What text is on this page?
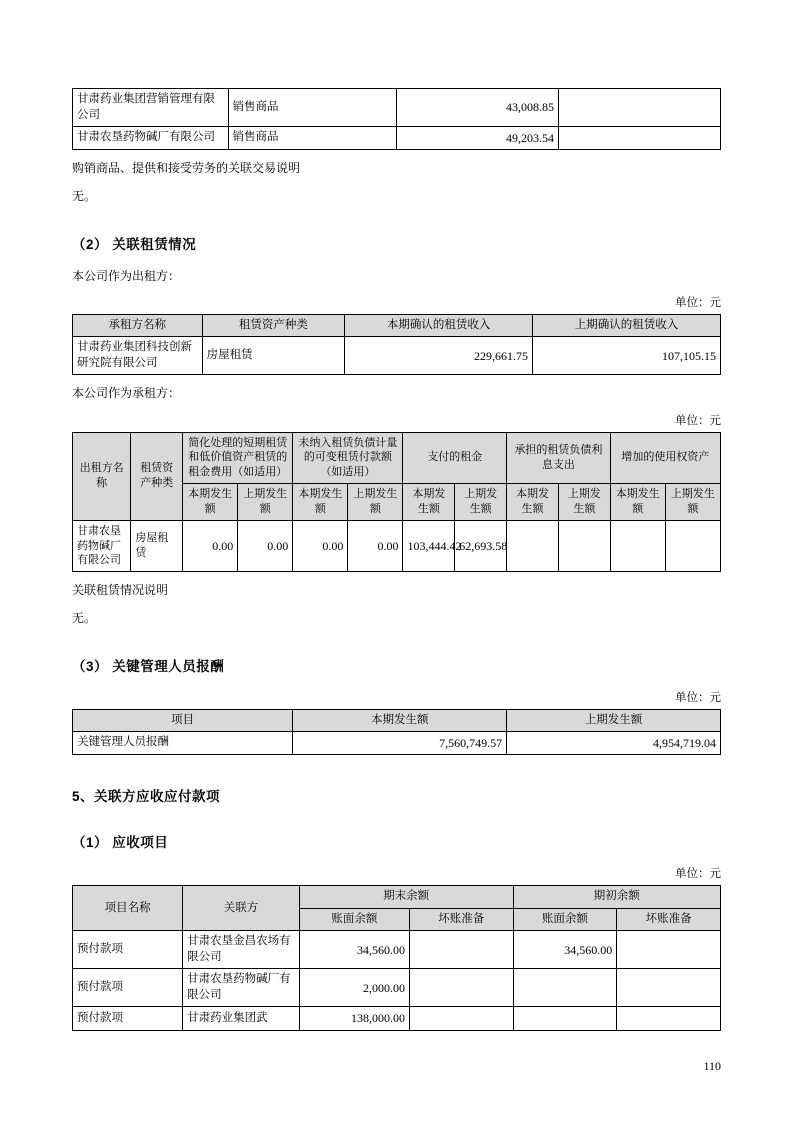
甘肃药业集团营销管理有限公司	销售商品	43,008.85	
甘肃农垦药物碱厂有限公司	销售商品	49,203.54	

购销商品、提供和接受劳务的关联交易说明

无。

（2） 关联租赁情况

本公司作为出租方：

单位：元
承租方名称	租赁资产种类	本期确认的租赁收入	上期确认的租赁收入
甘肃药业集团科技创新研究院有限公司	房屋租赁	229,661.75	107,105.15

本公司作为承租方：

单位：元
出租方名称	租赁资产种类	简化处理的短期租赁和低价值资产租赁的租金费用（如适用）		未纳入租赁负债计量的可变租赁付款额（如适用）		支付的租金		承担的租赁负债利息支出		增加的使用权资产	
		本期发生额	上期发生额	本期发生额	上期发生额	本期发生额	上期发生额	本期发生额	上期发生额	本期发生额	上期发生额
甘肃农垦药物碱厂有限公司	房屋租赁	0.00	0.00	0.00	0.00	103,444.42	62,693.58				

关联租赁情况说明

无。

（3） 关键管理人员报酬
单位：元
项目	本期发生额	上期发生额
关键管理人员报酬	7,560,749.57	4,954,719.04
5、关联方应收应付款项
（1） 应收项目
单位：元
项目名称	关联方	期末余额		期初余额	
		账面余额	坏账准备	账面余额	坏账准备
预付款项	甘肃农垦金昌农场有限公司	34,560.00		34,560.00	
预付款项	甘肃农垦药物碱厂有限公司	2,000.00			
预付款项	甘肃药业集团武	138,000.00			
110
